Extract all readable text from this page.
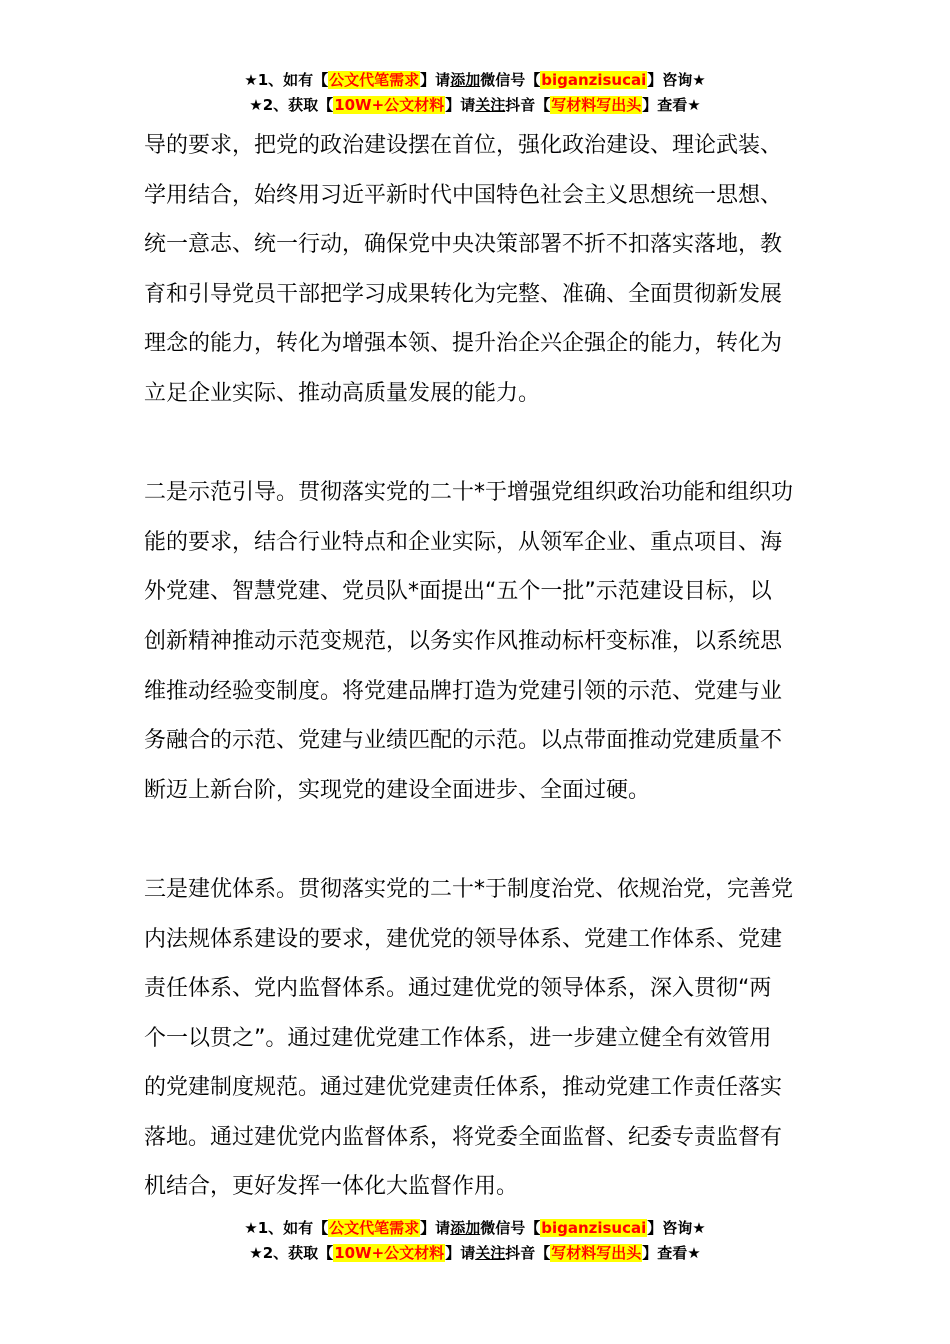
★1、如有【公文代笔需求】请添加微信号【biganzisucai】咨询★
★2、获取【10W+公文材料】请关注抖音【写材料写出头】查看★

导的要求，把党的政治建设摆在首位，强化政治建设、理论武装、
学用结合，始终用习近平新时代中国特色社会主义思想统一思想、
统一意志、统一行动，确保党中央决策部署不折不扣落实落地，教
育和引导党员干部把学习成果转化为完整、准确、全面贯彻新发展
理念的能力，转化为增强本领、提升治企兴企强企的能力，转化为
立足企业实际、推动高质量发展的能力。

二是示范引导。贯彻落实党的二十*于增强党组织政治功能和组织功
能的要求，结合行业特点和企业实际，从领军企业、重点项目、海
外党建、智慧党建、党员队*面提出“五个一批”示范建设目标，以
创新精神推动示范变规范，以务实作风推动标杆变标准，以系统思
维推动经验变制度。将党建品牌打造为党建引领的示范、党建与业
务融合的示范、党建与业绩匹配的示范。以点带面推动党建质量不
断迈上新台阶，实现党的建设全面进步、全面过硬。

三是建优体系。贯彻落实党的二十*于制度治党、依规治党，完善党
内法规体系建设的要求，建优党的领导体系、党建工作体系、党建
责任体系、党内监督体系。通过建优党的领导体系，深入贯彻“两
个一以贯之”。通过建优党建工作体系，进一步建立健全有效管用
的党建制度规范。通过建优党建责任体系，推动党建工作责任落实
落地。通过建优党内监督体系，将党委全面监督、纪委专责监督有
机结合，更好发挥一体化大监督作用。

★1、如有【公文代笔需求】请添加微信号【biganzisucai】咨询★
★2、获取【10W+公文材料】请关注抖音【写材料写出头】查看★
